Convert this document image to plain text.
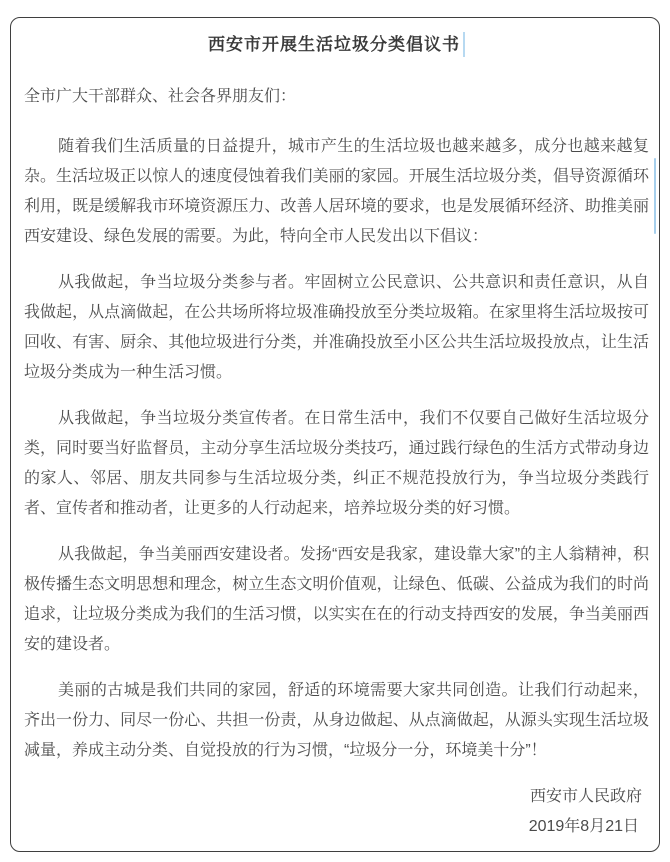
西安市开展生活垃圾分类倡议书

全市广大干部群众、社会各界朋友们：

随着我们生活质量的日益提升，城市产生的生活垃圾也越来越多，成分也越来越复杂。生活垃圾正以惊人的速度侵蚀着我们美丽的家园。开展生活垃圾分类，倡导资源循环利用，既是缓解我市环境资源压力、改善人居环境的要求，也是发展循环经济、助推美丽西安建设、绿色发展的需要。为此，特向全市人民发出以下倡议：

从我做起，争当垃圾分类参与者。牢固树立公民意识、公共意识和责任意识，从自我做起，从点滴做起，在公共场所将垃圾准确投放至分类垃圾箱。在家里将生活垃圾按可回收、有害、厨余、其他垃圾进行分类，并准确投放至小区公共生活垃圾投放点，让生活垃圾分类成为一种生活习惯。

从我做起，争当垃圾分类宣传者。在日常生活中，我们不仅要自己做好生活垃圾分类，同时要当好监督员，主动分享生活垃圾分类技巧，通过践行绿色的生活方式带动身边的家人、邻居、朋友共同参与生活垃圾分类，纠正不规范投放行为，争当垃圾分类践行者、宣传者和推动者，让更多的人行动起来，培养垃圾分类的好习惯。

从我做起，争当美丽西安建设者。发扬“西安是我家，建设靠大家”的主人翁精神，积极传播生态文明思想和理念，树立生态文明价值观，让绿色、低碳、公益成为我们的时尚追求，让垃圾分类成为我们的生活习惯，以实实在在的行动支持西安的发展，争当美丽西安的建设者。

美丽的古城是我们共同的家园，舒适的环境需要大家共同创造。让我们行动起来，齐出一份力、同尽一份心、共担一份责，从身边做起、从点滴做起，从源头实现生活垃圾减量，养成主动分类、自觉投放的行为习惯，“垃圾分一分，环境美十分”！

西安市人民政府

2019年8月21日
